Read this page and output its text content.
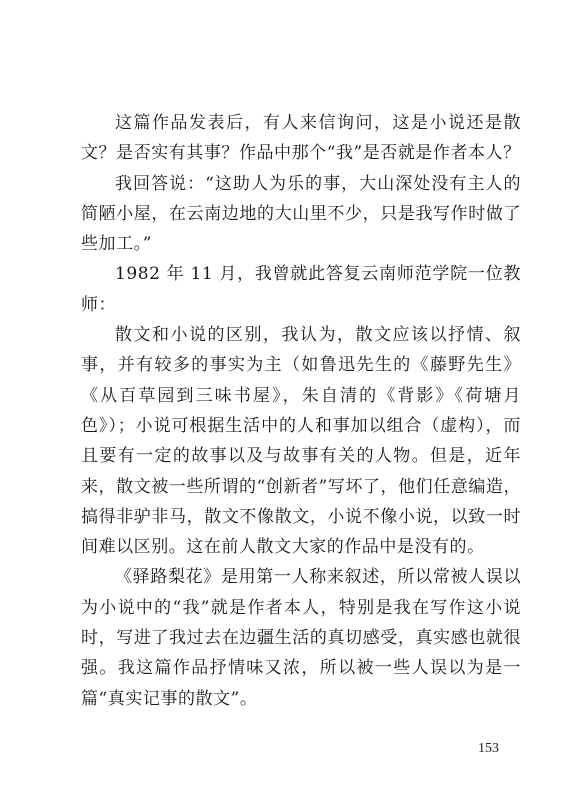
这篇作品发表后，有人来信询问，这是小说还是散文？是否实有其事？作品中那个“我”是否就是作者本人？

我回答说：“这助人为乐的事，大山深处没有主人的简陋小屋，在云南边地的大山里不少，只是我写作时做了些加工。”

1982 年 11 月，我曾就此答复云南师范学院一位教师：

散文和小说的区别，我认为，散文应该以抒情、叙事，并有较多的事实为主（如鲁迅先生的《藤野先生》《从百草园到三味书屋》，朱自清的《背影》《荷塘月色》）；小说可根据生活中的人和事加以组合（虚构），而且要有一定的故事以及与故事有关的人物。但是，近年来，散文被一些所谓的“创新者”写坏了，他们任意编造，搞得非驴非马，散文不像散文，小说不像小说，以致一时间难以区别。这在前人散文大家的作品中是没有的。

《驿路梨花》是用第一人称来叙述，所以常被人误以为小说中的“我”就是作者本人，特别是我在写作这小说时，写进了我过去在边疆生活的真切感受，真实感也就很强。我这篇作品抒情味又浓，所以被一些人误以为是一篇“真实记事的散文”。

153
